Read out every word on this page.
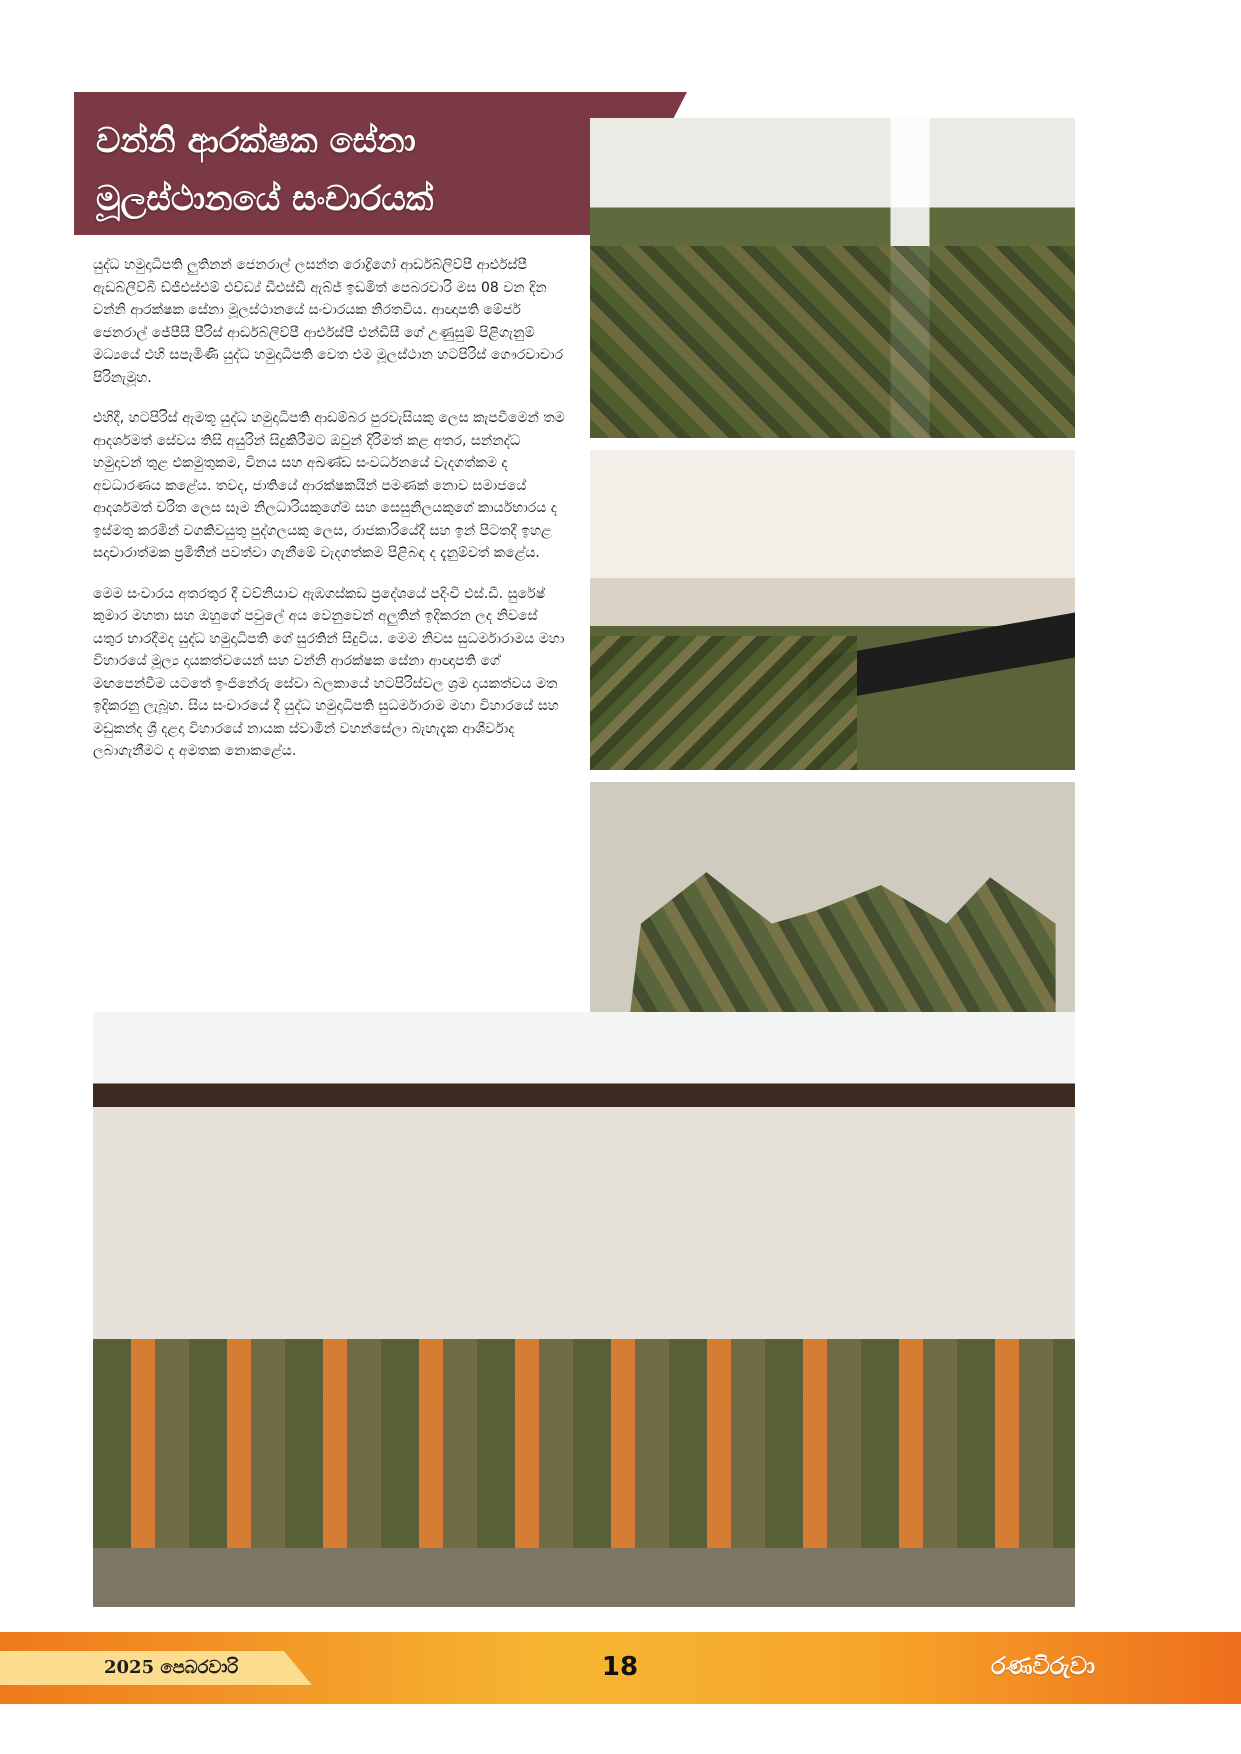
වන්නි ආරක්ෂක සේනා
මූලස්ථානයේ සංචාරයක්

යුද්ධ හමුදාධිපති ලුතිනන් ජෙනරාල් ලසන්ත රොද්‍රිගෝ ආර්ඩබ්ලිව්පී ආර්එස්පී ඇඩබ්ලිව්බී ඩ්ජීඑස්එම් එච්ඩ්‍ය් ඩීඑස්ඩී ඇබ්ජ් ඉඩමිත් පෙබරවාරි මස 08 වන දින වන්නි ආරක්ෂක සේනා මූලස්ථානයේ සංචාරයක නිරතවිය. ආඥාපති මේජර් ජෙනරාල් ජේපීසී පීරිස් ආර්ඩබ්ලිව්පී ආර්එස්පී එන්ඩීසී ගේ උණුසුම් පිළිගැනුම් මධ්‍යයේ එහි සපැමිණි යුද්ධ හමුදාධිපති වෙත එම මූලස්ථාන හටපිරිස් ගෞරවාචාර පිරිනැමූහ.

එහිදී, හටපිරිස් ඇමතූ යුද්ධ හමුදාධිපති ආඩම්බර පුරවැසියකු ලෙස කැපවීමෙන් තම ආදර්ශමත් සේවය තිසි අයුරින් සිදුකිරීමට ඔවුන් දිරිමත් කළ අතර, සන්නද්ධ හමුදාවන් තුළ එකමුතුකම, විනය සහ අඛණ්ඩ සංවර්ධනයේ වැදගත්කම ද අවධාරණය කළේය. තවද, ජාතියේ ආරක්ෂකයින් පමණක් නොව සමාජයේ ආදර්ශමත් චරිත ලෙස සෑම නිලධාරියකුගේම සහ සෙසුනිලයකුගේ කාර්යභාරය ද ඉස්මතු කරමින් වගකිවයුතු පුද්ගලයකු ලෙස, රාජකාරියේදී සහ ඉන් පිටතදී ඉහළ සදාචාරාත්මක ප්‍රමිතීන් පවත්වා ගැනීමේ වැදගත්කම පිළිබඳ ද දැනුම්වත් කළේය.

මෙම සංචාරය අතරතුර දී වව්නියාව ඇඹගස්කඩ ප්‍රදේශයේ පදිංචි එස්.ඩී. සුරේෂ් කුමාර මහතා සහ ඔහුගේ පවුලේ අය වෙනුවෙන් අලුතින් ඉදිකරන ලද නිවසේ යතුර භාරදීමද යුද්ධ හමුදාධිපති ගේ සුරතින් සිදුවිය. මෙම නිවස සුධර්මාරාමය මහා විහාරයේ මූල්‍ය දායකත්වයෙන් සහ වන්නි ආරක්ෂක සේනා ආඥාපති ගේ මඟපෙන්වීම යටතේ ඉංජිනේරු සේවා බලකායේ හටපිරිස්වල ශ්‍රම දායකත්වය මත ඉදිකරනු ලැබූහ. සිය සංචාරයේ දී යුද්ධ හමුදාධිපති සුධර්මාරාම මහා විහාරයේ සහ මඩුකන්ද ශ්‍රී දළදා විහාරයේ නායක ස්වාමීන් වහන්සේලා බැහැදැක ආශීර්වාද ලබාගැනීමට ද අමතක නොකළේය.

2025 පෙබරවාරි	18	රණවිරුවා
